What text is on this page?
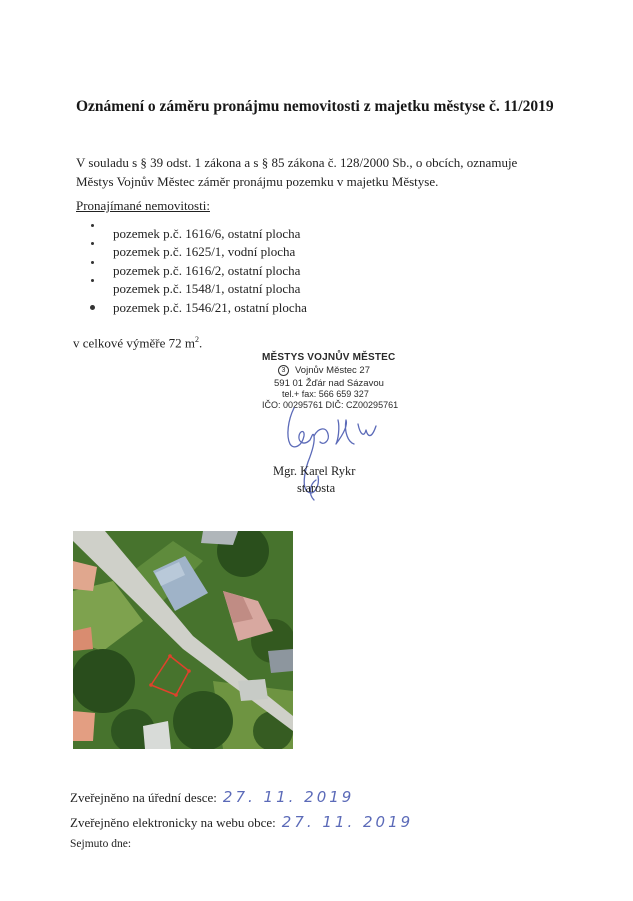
Oznámení o záměru pronájmu nemovitosti z majetku městyse č. 11/2019
V souladu s § 39 odst. 1 zákona a s § 85 zákona č. 128/2000 Sb., o obcích, oznamuje Městys Vojnův Městec záměr pronájmu pozemku v majetku Městyse.
Pronajímané nemovitosti:
pozemek p.č. 1616/6, ostatní plocha
pozemek p.č. 1625/1, vodní plocha
pozemek p.č. 1616/2, ostatní plocha
pozemek p.č. 1548/1, ostatní plocha
pozemek p.č. 1546/21, ostatní plocha
v celkové výměře 72 $m^2$.
MĚSTYS VOJNŮV MĚSTEC
3 Vojnův Městec 27
591 01 Žďár nad Sázavou
tel.+ fax: 566 659 327
IČO: 00295761 DIČ: CZ00295761
Mgr. Karel Rykr
starosta
Zveřejněno na úřední desce: 27. 11. 2019
Zveřejněno elektronicky na webu obce: 27. 11. 2019
Sejmuto dne:
